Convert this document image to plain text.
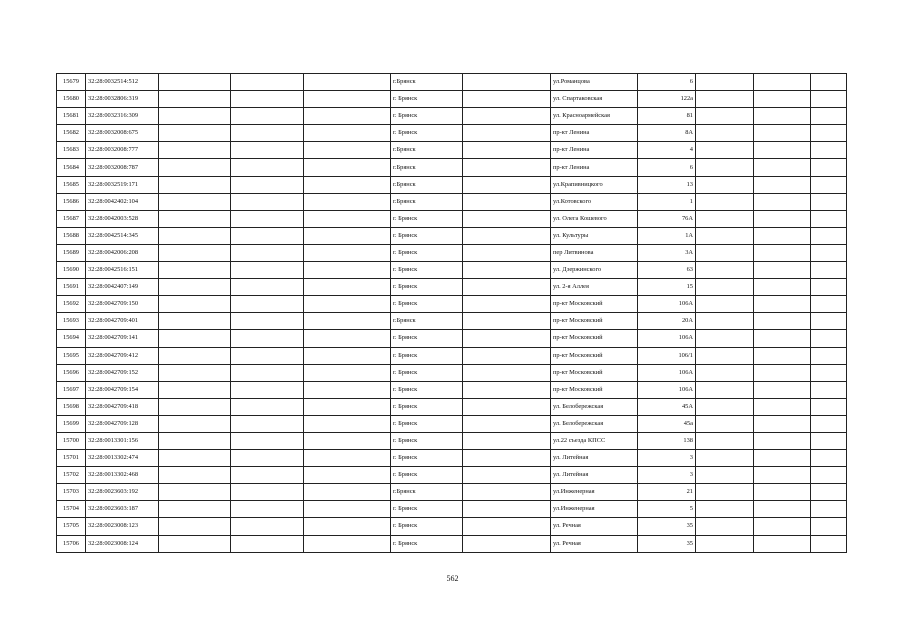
15679	32:28:0032514:512				г.Брянск		ул.Романцова	6			
15680	32:28:0032806:319				г. Брянск		ул. Спартаковская	122а			
15681	32:28:0032316:309				г. Брянск		ул. Красноармейская	81			
15682	32:28:0032008:675				г. Брянск		пр-кт Ленина	8А			
15683	32:28:0032008:777				г.Брянск		пр-кт Ленина	4			
15684	32:28:0032008:787				г.Брянск		пр-кт Ленина	6			
15685	32:28:0032519:171				г.Брянск		ул.Крапивницкого	13			
15686	32:28:0042402:104				г.Брянск		ул.Котовского	1			
15687	32:28:0042003:528				г. Брянск		ул. Олега Кошевого	76А			
15688	32:28:0042514:345				г. Брянск		ул. Культуры	1А			
15689	32:28:0042006:208				г. Брянск		пер Литвинова	3А			
15690	32:28:0042516:151				г. Брянск		ул. Дзержинского	63			
15691	32:28:0042407:149				г. Брянск		ул. 2-я Аллея	15			
15692	32:28:0042709:150				г. Брянск		пр-кт Московский	106А			
15693	32:28:0042709:401				г.Брянск		пр-кт Московский	20А			
15694	32:28:0042709:141				г. Брянск		пр-кт Московский	106А			
15695	32:28:0042709:412				г. Брянск		пр-кт Московский	106/1			
15696	32:28:0042709:152				г. Брянск		пр-кт Московский	106А			
15697	32:28:0042709:154				г. Брянск		пр-кт Московский	106А			
15698	32:28:0042709:418				г. Брянск		ул. Белобережская	45А			
15699	32:28:0042709:128				г. Брянск		ул. Белобережская	45а			
15700	32:28:0013301:156				г. Брянск		ул.22 съезда КПСС	138			
15701	32:28:0013302:474				г. Брянск		ул. Литейная	3			
15702	32:28:0013302:468				г. Брянск		ул. Литейная	3			
15703	32:28:0023603:192				г.Брянск		ул.Инженерная	21			
15704	32:28:0023603:187				г. Брянск		ул.Инженерная	5			
15705	32:28:0023008:123				г. Брянск		ул. Речная	35			
15706	32:28:0023008:124				г. Брянск		ул. Речная	35			
562
